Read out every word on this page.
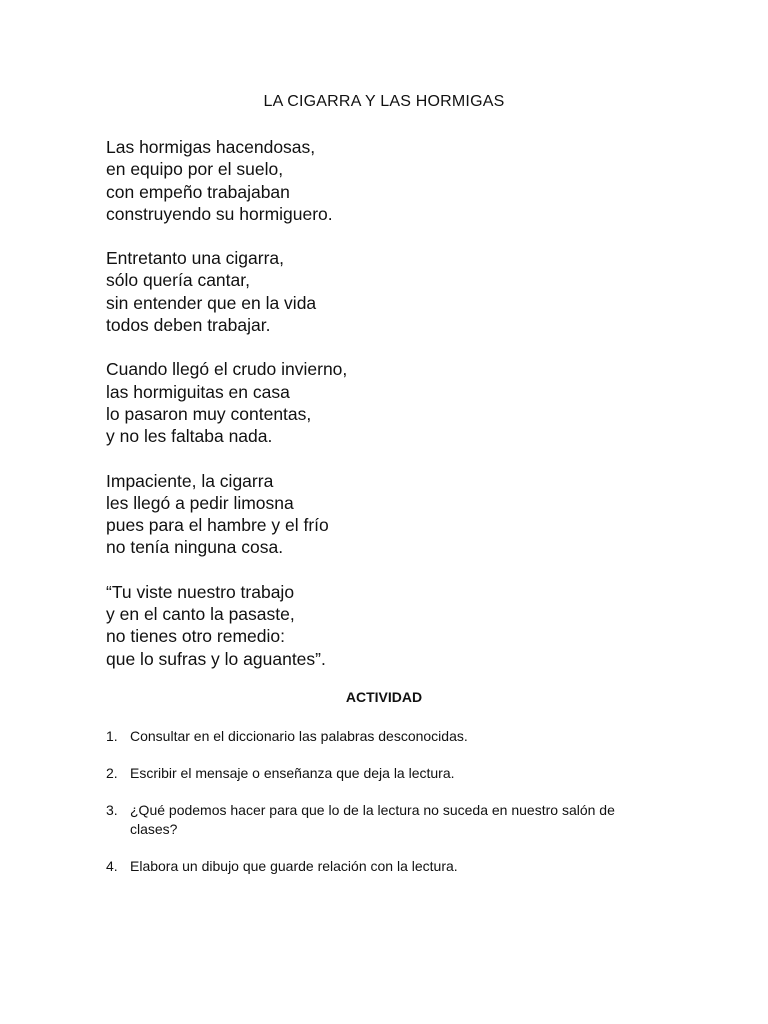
LA CIGARRA Y LAS HORMIGAS
Las hormigas hacendosas,
en equipo por el suelo,
con empeño trabajaban
construyendo su hormiguero.
Entretanto una cigarra,
sólo quería cantar,
sin entender que en la vida
todos deben trabajar.
Cuando llegó el crudo invierno,
las hormiguitas en casa
lo pasaron muy contentas,
y no les faltaba nada.
Impaciente, la cigarra
les llegó a pedir limosna
pues para el hambre y el frío
no tenía ninguna cosa.
“Tu viste nuestro trabajo
y en el canto la pasaste,
no tienes otro remedio:
que lo sufras y lo aguantes”.
ACTIVIDAD
1. Consultar en el diccionario las palabras desconocidas.
2. Escribir el mensaje o enseñanza que deja la lectura.
3. ¿Qué podemos hacer para que lo de la lectura no suceda en nuestro salón de clases?
4. Elabora un dibujo que guarde relación con la lectura.
